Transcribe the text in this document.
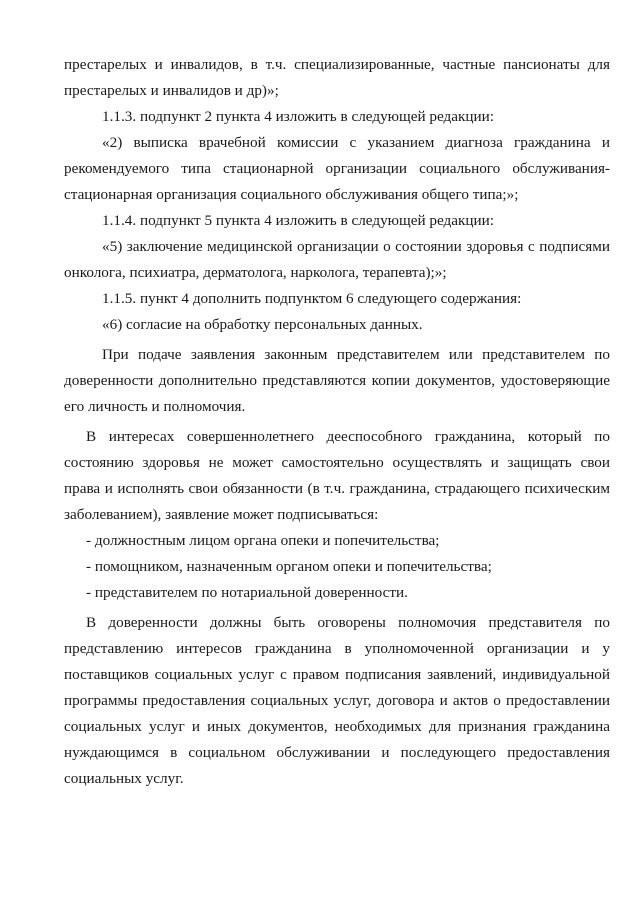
престарелых и инвалидов, в т.ч. специализированные, частные пансионаты для престарелых и инвалидов и др)»;

1.1.3. подпункт 2 пункта 4 изложить в следующей редакции:

«2) выписка врачебной комиссии с указанием диагноза гражданина и рекомендуемого типа стационарной организации социального обслуживания-стационарная организация социального обслуживания общего типа;»;

1.1.4. подпункт 5 пункта 4 изложить в следующей редакции:

«5) заключение медицинской организации о состоянии здоровья с подписями онколога, психиатра, дерматолога, нарколога, терапевта);»;

1.1.5. пункт 4 дополнить подпунктом 6 следующего содержания:

«6) согласие на обработку персональных данных.

При подаче заявления законным представителем или представителем по доверенности дополнительно представляются копии документов, удостоверяющие его личность и полномочия.

В интересах совершеннолетнего дееспособного гражданина, который по состоянию здоровья не может самостоятельно осуществлять и защищать свои права и исполнять свои обязанности (в т.ч. гражданина, страдающего психическим заболеванием), заявление может подписываться:

- должностным лицом органа опеки и попечительства;

- помощником, назначенным органом опеки и попечительства;

- представителем по нотариальной доверенности.

В доверенности должны быть оговорены полномочия представителя по представлению интересов гражданина в уполномоченной организации и у поставщиков социальных услуг с правом подписания заявлений, индивидуальной программы предоставления социальных услуг, договора и актов о предоставлении социальных услуг и иных документов, необходимых для признания гражданина нуждающимся в социальном обслуживании и последующего предоставления социальных услуг.
